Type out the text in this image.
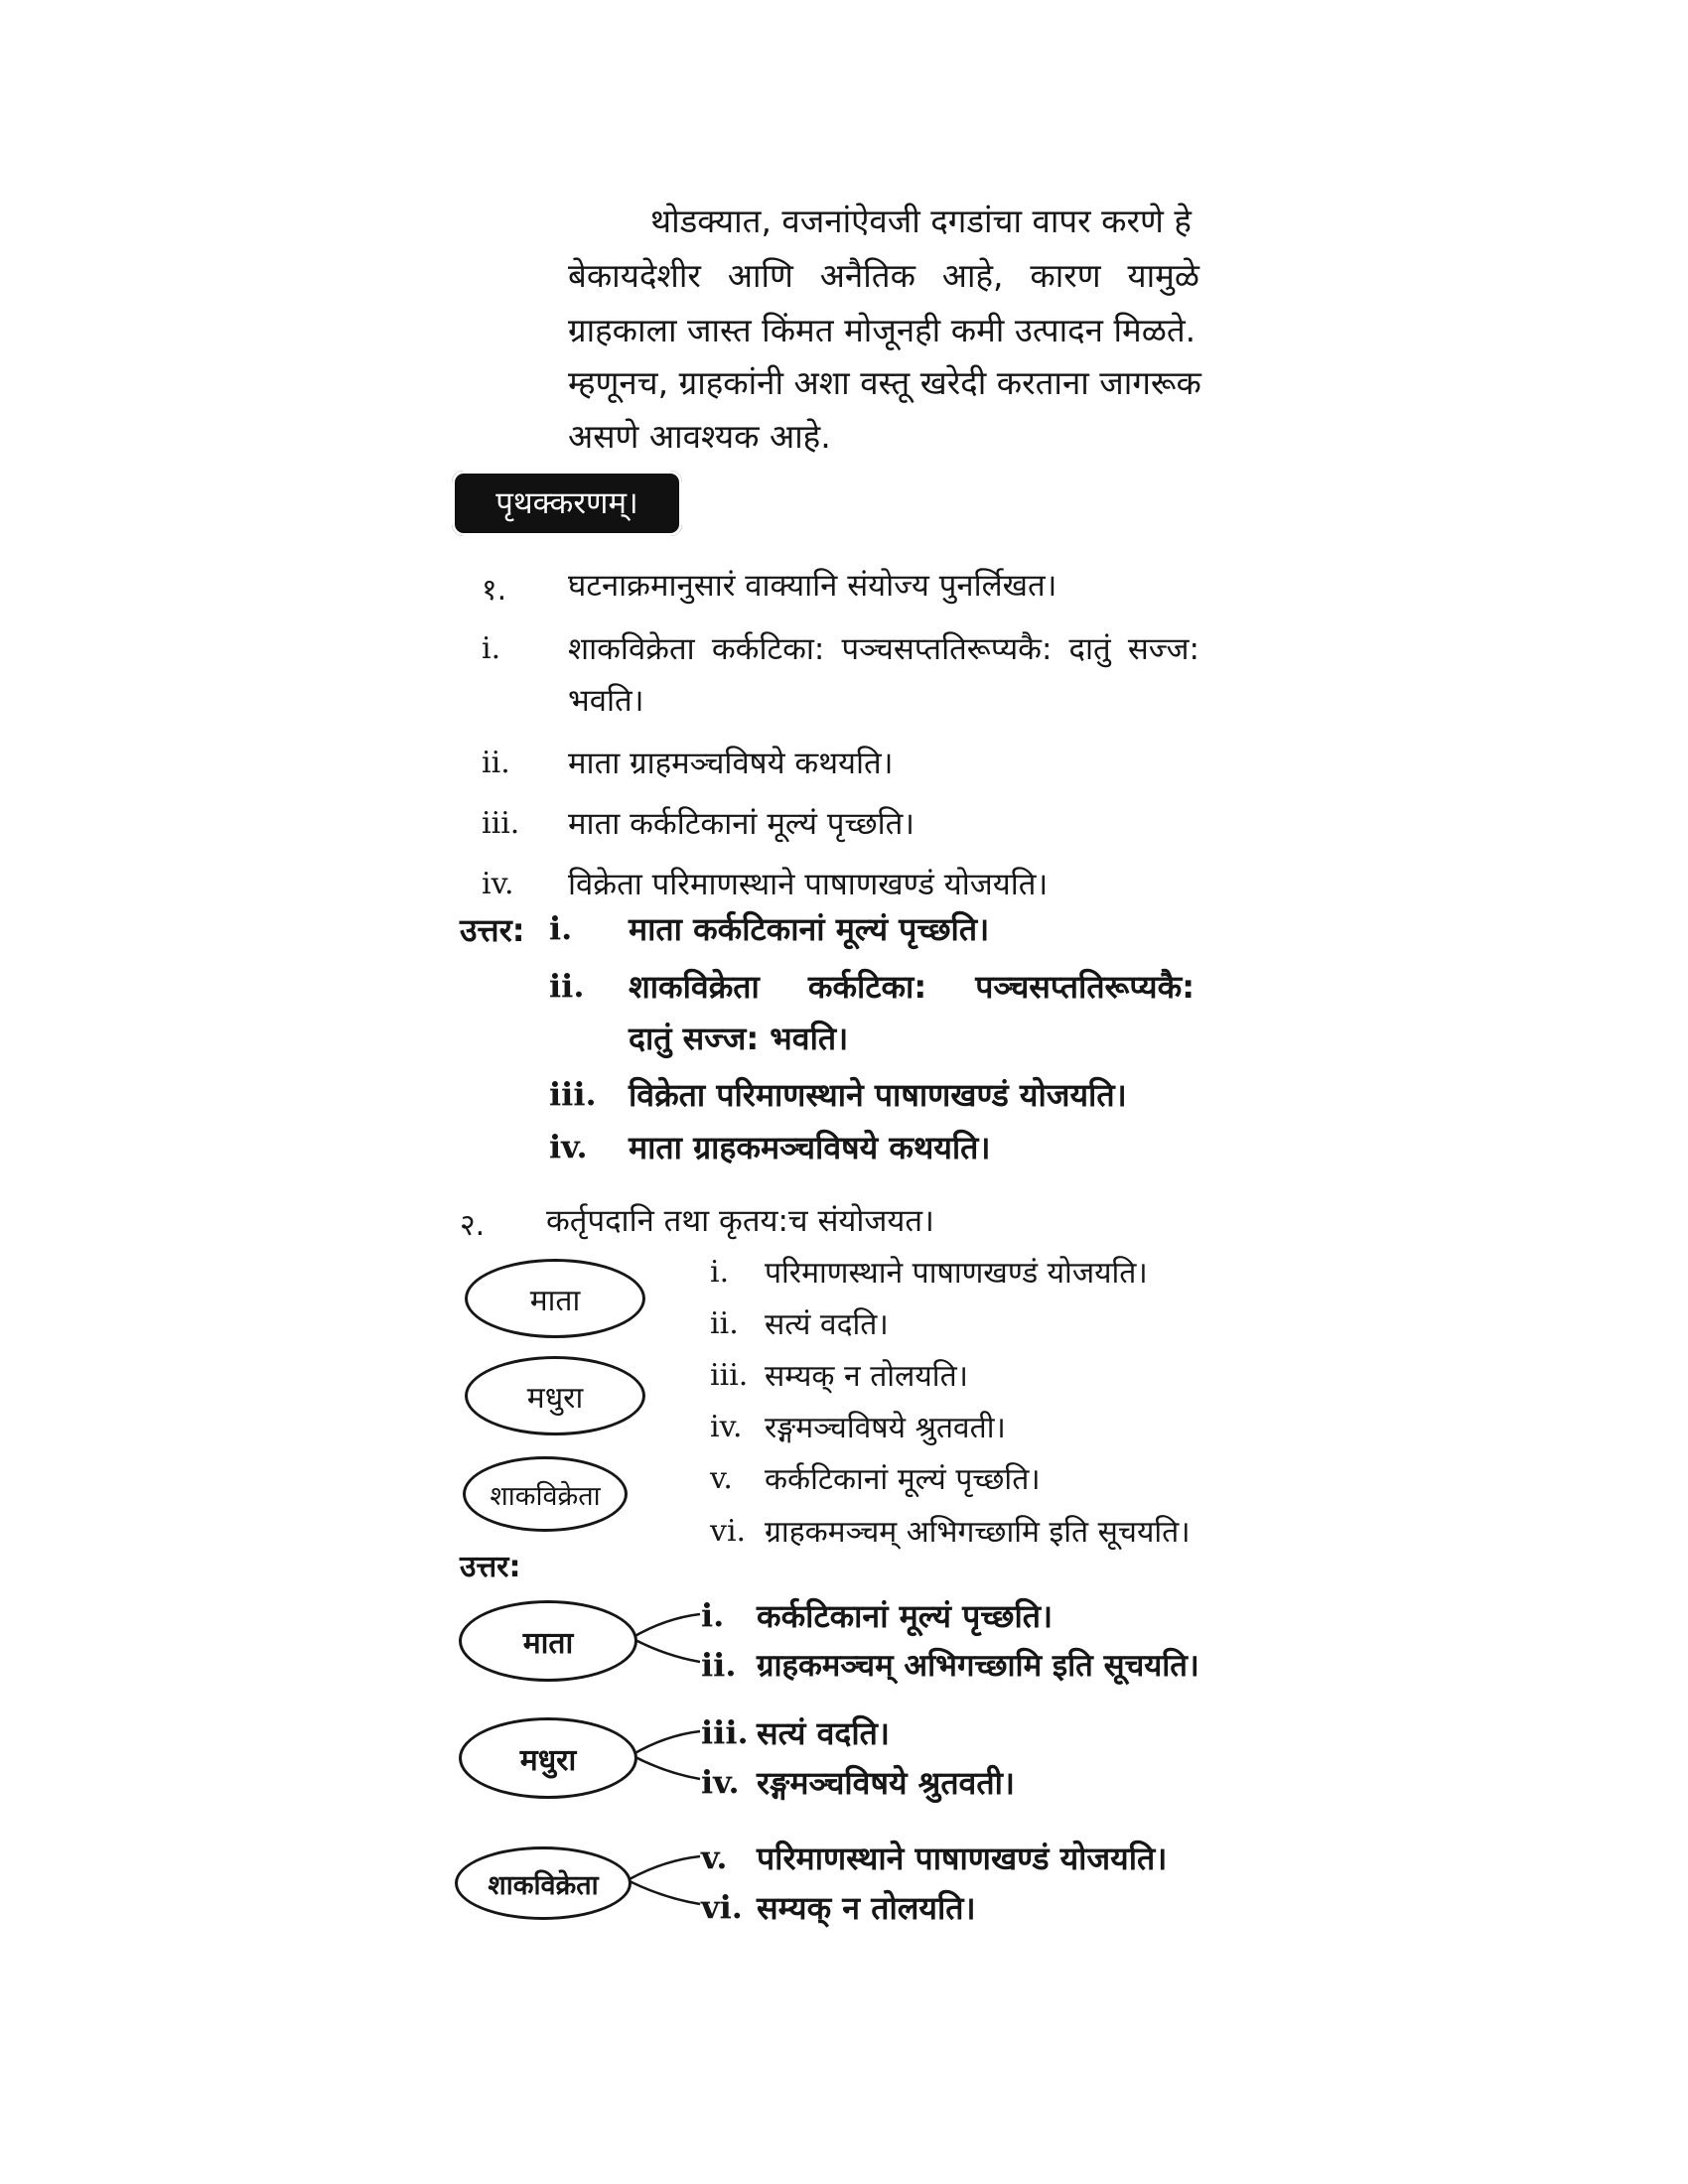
थोडक्यात, वजनांऐवजी दगडांचा वापर करणे हे
बेकायदेशीर आणि अनैतिक आहे, कारण यामुळे
ग्राहकाला जास्त किंमत मोजूनही कमी उत्पादन मिळते.
म्हणूनच, ग्राहकांनी अशा वस्तू खरेदी करताना जागरूक
असणे आवश्यक आहे.
पृथक्करणम्।
१. घटनाक्रमानुसारं वाक्यानि संयोज्य पुनर्लिखत।
i. शाकविक्रेता कर्कटिका: पञ्चसप्ततिरूप्यकै: दातुं सज्ज:
भवति।
ii. माता ग्राहमञ्चविषये कथयति।
iii. माता कर्कटिकानां मूल्यं पृच्छति।
iv. विक्रेता परिमाणस्थाने पाषाणखण्डं योजयति।
उत्तर: i. माता कर्कटिकानां मूल्यं पृच्छति।
ii. शाकविक्रेता कर्कटिका: पञ्चसप्ततिरूप्यकै:
दातुं सज्ज: भवति।
iii. विक्रेता परिमाणस्थाने पाषाणखण्डं योजयति।
iv. माता ग्राहकमञ्चविषये कथयति।
२. कर्तृपदानि तथा कृतय:च संयोजयत।
माता
मधुरा
शाकविक्रेता
i. परिमाणस्थाने पाषाणखण्डं योजयति।
ii. सत्यं वदति।
iii. सम्यक् न तोलयति।
iv. रङ्गमञ्चविषये श्रुतवती।
v. कर्कटिकानां मूल्यं पृच्छति।
vi. ग्राहकमञ्चम् अभिगच्छामि इति सूचयति।
उत्तर:
माता
मधुरा
शाकविक्रेता
i. कर्कटिकानां मूल्यं पृच्छति।
ii. ग्राहकमञ्चम् अभिगच्छामि इति सूचयति।
iii. सत्यं वदति।
iv. रङ्गमञ्चविषये श्रुतवती।
v. परिमाणस्थाने पाषाणखण्डं योजयति।
vi. सम्यक् न तोलयति।
